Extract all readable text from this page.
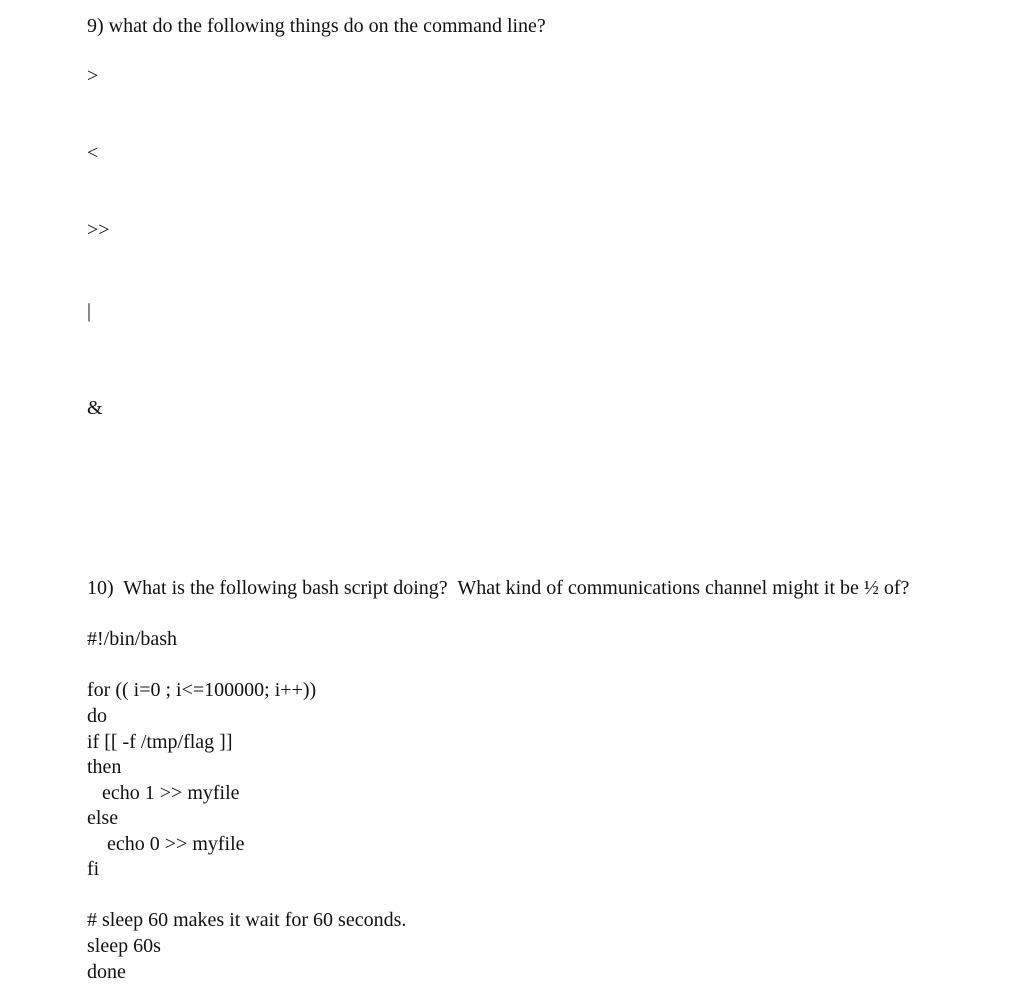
9) what do the following things do on the command line?

>

<

>>

|

&

10)  What is the following bash script doing?  What kind of communications channel might it be ½ of?

#!/bin/bash

for (( i=0 ; i<=100000; i++))

do

if [[ -f /tmp/flag ]]

then

echo 1 >> myfile

else

echo 0 >> myfile

fi

# sleep 60 makes it wait for 60 seconds.

sleep 60s

done
